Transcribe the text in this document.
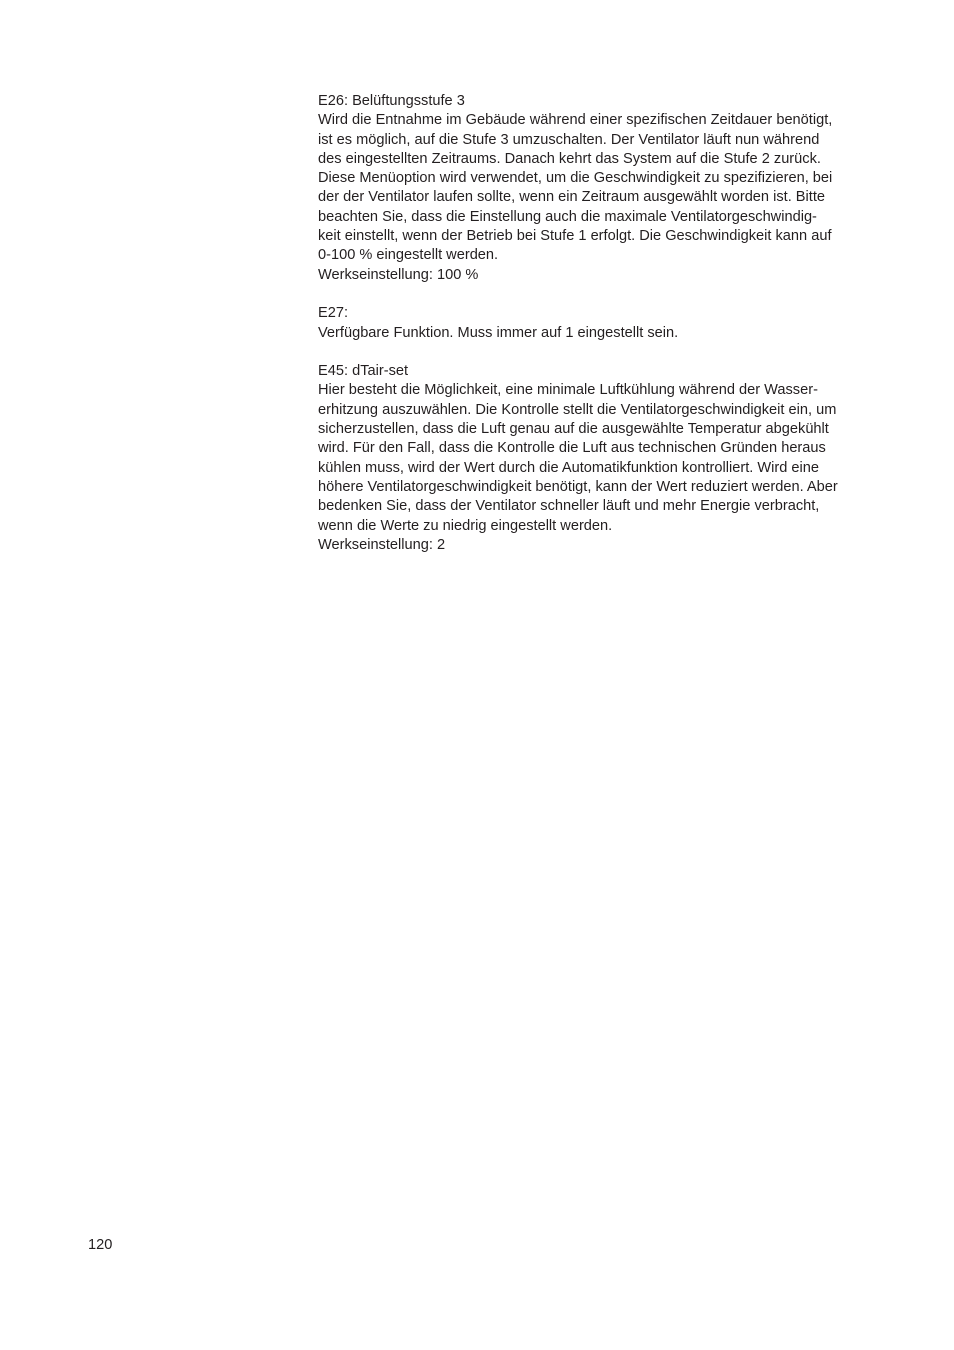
E26: Belüftungsstufe 3
Wird die Entnahme im Gebäude während einer spezifischen Zeitdauer benötigt,
ist es möglich, auf die Stufe 3 umzuschalten. Der Ventilator läuft nun während
des eingestellten Zeitraums. Danach kehrt das System auf die Stufe 2 zurück.
Diese Menüoption wird verwendet, um die Geschwindigkeit zu spezifizieren, bei
der der Ventilator laufen sollte, wenn ein Zeitraum ausgewählt worden ist. Bitte
beachten Sie, dass die Einstellung auch die maximale Ventilatorgeschwindig-
keit einstellt, wenn der Betrieb bei Stufe 1 erfolgt. Die Geschwindigkeit kann auf
0-100 % eingestellt werden.
Werkseinstellung: 100 %
E27:
Verfügbare Funktion. Muss immer auf 1 eingestellt sein.
E45: dTair-set
Hier besteht die Möglichkeit, eine minimale Luftkühlung während der Wasser-
erhitzung auszuwählen. Die Kontrolle stellt die Ventilatorgeschwindigkeit ein, um
sicherzustellen, dass die Luft genau auf die ausgewählte Temperatur abgekühlt
wird. Für den Fall, dass die Kontrolle die Luft aus technischen Gründen heraus
kühlen muss, wird der Wert durch die Automatikfunktion kontrolliert. Wird eine
höhere Ventilatorgeschwindigkeit benötigt, kann der Wert reduziert werden. Aber
bedenken Sie, dass der Ventilator schneller läuft und mehr Energie verbracht,
wenn die Werte zu niedrig eingestellt werden.
Werkseinstellung: 2
120
